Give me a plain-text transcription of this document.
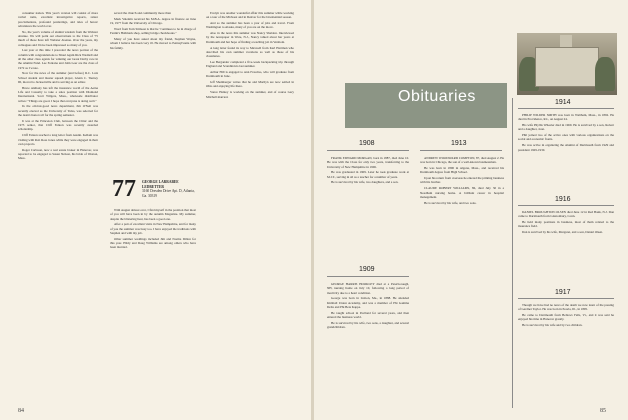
consumer nation. This year's version will consist of more verbal rams, excellent investigative reports, ranter proclamations, profound ponderings, and tales of heroic adventures the world over.

No, the year's volume of alumni wisdom from the Wabster Avenue. We will point out observations to the Class of '75 much of those have left Webster Avenue. Over the years, my colleagues and I have been impressed so many of you.

Last year at this time I preceded the news portion of the column with congratulations to Shaul Agam Rick Waddell and all the other class agents for winning our Great Derby race in the Alumni Fund. Lee Fontana and John Leer are the class of 1972 as I wrote.

Now for the news of the summer (and before) R.C. Lutz School student and master squash player, Glenn C. Tierney III, moved to Jacksonville and is serving as an editor.

Bruce Anthony has left the insurance world of the Aetna Life and Casualty to take a sales position with Diamond International. Scott Wilgers, Mass., wholesale distributor writes: "Things are good. I hope that everyone is doing well."

In the old-but-good news department, Jim O'Neil was recently elected as the University of Tulsa, was selected for the dean's honor roll for the spring semester.

It was at the Princeton Club, between the Clinic and the 1973 senior, that Cliff Fenton was recently awarded scholarship.

Cliff Fenton reached a long letter from Austin. Kellam was visiting with Rob Ross Jones while they were engaged in their own projects.

Roger Carlsson, now a real estate broker in Hanover, was reported to be engaged to Susan Nelson, his bride of Weston, Mass.

served the church and community more than

Mark Valentin received his M.B.A. degree in finance on June 19, 1977 from the University of Chicago.

Word from Tom Stimson is that he "continues to be in charge of Fentin's Hallmark shop, selling bridge checkbooks."

Many of you have asked about my friend, Stephen Wayne, whom I believe has been very ill. He moved to Pennsylvania with his family.

77 GEORGE LARRABEE LEDBETTER
3160 Dresden Drive Apt. D, Atlanta, Ga. 30319

With August almost over, I find myself in the position that most of you will have been in by the autumn Magazine. My summer, despite the blistering heat, has been a good one.

After a pair of excellent visits in New Hampshire, and for many of you the summer was busy too. I have enjoyed the traditions with Stephen and with my job.

Other summer weddings included Jim and Norma Dillon for this year. Hildy and Doug Williams are among others who have been married.

Evelyn was another wonderful affair this summer while working on a tour of the Midwest and in Denver for the bicentennial season.

And so the summer has been a year of jobs and travel. From Washington to Alaska, many of you are on the move.

Also in the news this summer was Nancy Sheldon. Interviewed by the newspaper in Ware, N.J., Nancy talked about her years at Dartmouth and her hope of finding a teaching job in Vermont.

A long letter found its way to Maxwell from Karl Hartman who described his own summer vacations as well as those of his classmates.

Lee Bergander completed a five-week backpacking trip through England and Scandinavia last summer.

Arthur Hill is engaged to Ann Frascino, who will graduate from Dartmouth in June.

Jeff Shamberger writes that he and Marilyn are now settled in Ohio and enjoying life there.

Vance Hanley is working on the summer, and of course Gary Mitchell married.

84
Obituaries
1908	1913
1909
1914
1916
1917

FRANK EDWARD MORGAN, born in 1887, died June 10. He was with the Class for only two years, transferring to the University of New Hampshire in 1906.

He was graduated in 1909. Later he took graduate work at M.I.T., serving in all as a teacher for a number of years.

He is survived by his wife, two daughters, and a son.

GEORGE HARRIS HOOKLEY died at a Peterborough, NH, nursing home on July 10, following a long period of inactivity due to a heart condition.

George was born in Lisbon, Me., in 1888. He attended Kimball Union Academy, and was a member of Phi Gamma Delta and Phi Beta Kappa.

He taught school in Portland for several years, and then entered the business world.

He is survived by his wife, two sons, a daughter, and several grandchildren.

ANDREW WOODWARD COMPTON, 87, died August 2. He was born in Chicago, the son of a well-known businessman.

He was born in 1890 in Algona, Mass., and received his Dartmouth degree from High School.

Upon his return from overseas he entered the printing business with his brother.

CLAUDE ROBERT WILLIAMS, 86, died July 30 in a Needham nursing home. A brilliant career in hospital management.

He is survived by his wife, and two sons.

PHILIP WILDER SMITH was born in Waltham, Mass., in 1892. He died in Providence, R.I., on August 24.

His wife Phyllis Wheeler died in 1969. He is survived by a son, Robert and a daughter, Joan.

Phil joined two of the active ones with various organizations on the social and economic fronts.

He was active in organizing the Alumni of Dartmouth from 1929 and president 1929-1930.

DANIEL BROUGHTON OLSEN died June 12 in Red Bank, N.J. Dan came to Dartmouth from Glastonbury, Conn.

He held many positions in business, most of them related to the insurance field.

Dan is survived by his wife, Margaret, and a son, Daniel Olsen.

Though we have had no news of the death we now learn of the passing of Gardner Taylor. He was born in Peoria, Ill., in 1895.

He came to Dartmouth from Bellows Falls, Vt., and it was said he enjoyed his time in Hanover greatly.

He is survived by his wife and by two children.

85
